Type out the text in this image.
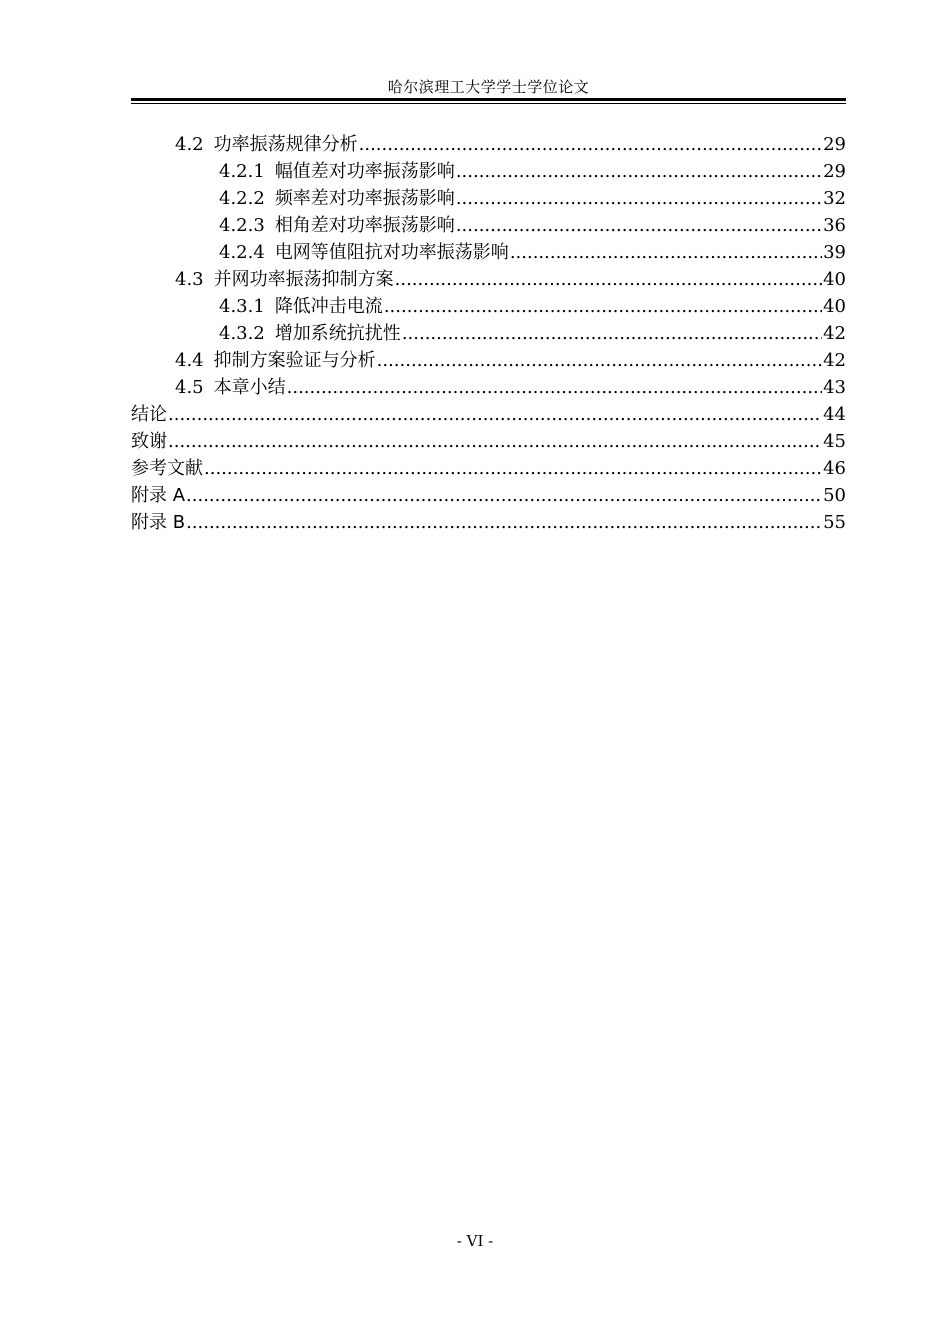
哈尔滨理工大学学士学位论文
4.2 功率振荡规律分析 .....	29
4.2.1 幅值差对功率振荡影响 .....	29
4.2.2 频率差对功率振荡影响 .....	32
4.2.3 相角差对功率振荡影响 .....	36
4.2.4 电网等值阻抗对功率振荡影响 .....	39
4.3 并网功率振荡抑制方案 .....	40
4.3.1 降低冲击电流 .....	40
4.3.2 增加系统抗扰性 .....	42
4.4 抑制方案验证与分析 .....	42
4.5 本章小结 .....	43
结论 .....	44
致谢 .....	45
参考文献 .....	46
附录 A .....	50
附录 B .....	55
- VI -
